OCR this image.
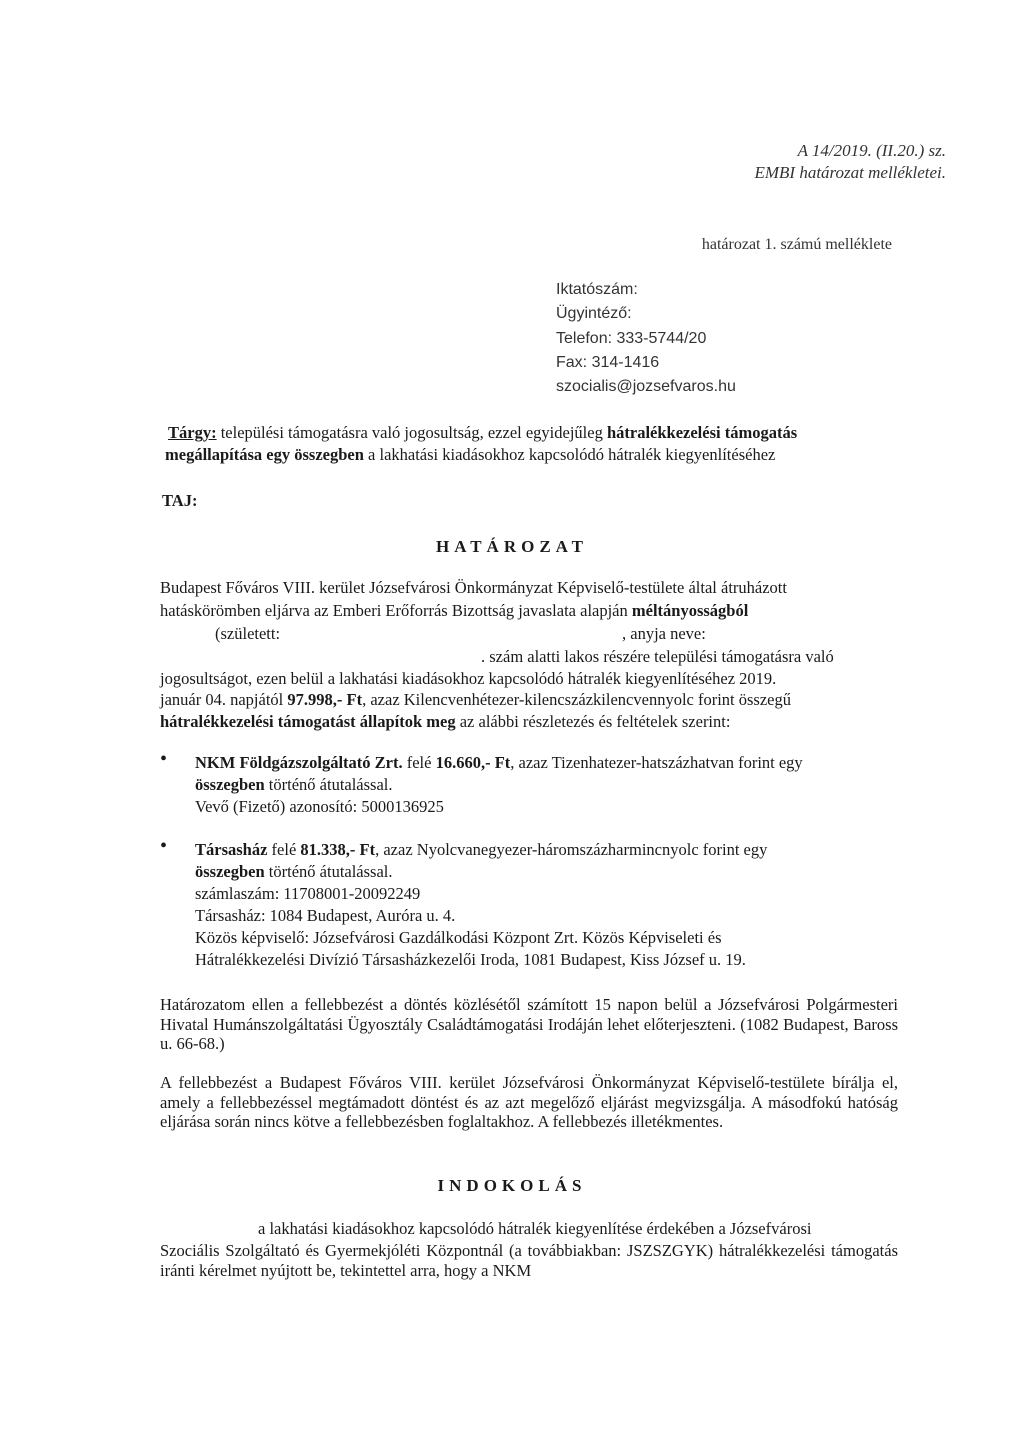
A 14/2019. (II.20.) sz.
EMBI határozat mellékletei.
határozat 1. számú melléklete
Iktatószám:
Ügyintéző:
Telefon: 333-5744/20
Fax: 314-1416
szocialis@jozsefvaros.hu
Tárgy: települési támogatásra való jogosultság, ezzel egyidejűleg hátralékkezelési támogatás
megállapítása egy összegben a lakhatási kiadásokhoz kapcsolódó hátralék kiegyenlítéséhez
TAJ:
HATÁROZAT
Budapest Főváros VIII. kerület Józsefvárosi Önkormányzat Képviselő-testülete által átruházott
hatáskörömben eljárva az Emberi Erőforrás Bizottság javaslata alapján méltányosságból
(született:	, anyja neve:
. szám alatti lakos részére települési támogatásra való
jogosultságot, ezen belül a lakhatási kiadásokhoz kapcsolódó hátralék kiegyenlítéséhez 2019.
január 04. napjától 97.998,- Ft, azaz Kilencvenhétezer-kilencszázkilencvennyolc forint összegű
hátralékkezelési támogatást állapítok meg az alábbi részletezés és feltételek szerint:
• NKM Földgázszolgáltató Zrt. felé 16.660,- Ft, azaz Tizenhatezer-hatszázhatvan forint egy
összegben történő átutalással.
Vevő (Fizető) azonosító: 5000136925
• Társasház felé 81.338,- Ft, azaz Nyolcvanegyezer-háromszázharmincnyolc forint egy
összegben történő átutalással.
számlaszám: 11708001-20092249
Társasház: 1084 Budapest, Auróra u. 4.
Közös képviselő: Józsefvárosi Gazdálkodási Központ Zrt. Közös Képviseleti és
Hátralékkezelési Divízió Társasházkezelői Iroda, 1081 Budapest, Kiss József u. 19.
Határozatom ellen a fellebbezést a döntés közlésétől számított 15 napon belül a Józsefvárosi Polgármesteri Hivatal Humánszolgáltatási Ügyosztály Családtámogatási Irodáján lehet előterjeszteni. (1082 Budapest, Baross u. 66-68.)
A fellebbezést a Budapest Főváros VIII. kerület Józsefvárosi Önkormányzat Képviselő-testülete bírálja el, amely a fellebbezéssel megtámadott döntést és az azt megelőző eljárást megvizsgálja. A másodfokú hatóság eljárása során nincs kötve a fellebbezésben foglaltakhoz. A fellebbezés illetékmentes.
INDOKOLÁS
a lakhatási kiadásokhoz kapcsolódó hátralék kiegyenlítése érdekében a Józsefvárosi
Szociális Szolgáltató és Gyermekjóléti Központnál (a továbbiakban: JSZSZGYK) hátralékkezelési támogatás iránti kérelmet nyújtott be, tekintettel arra, hogy a NKM
